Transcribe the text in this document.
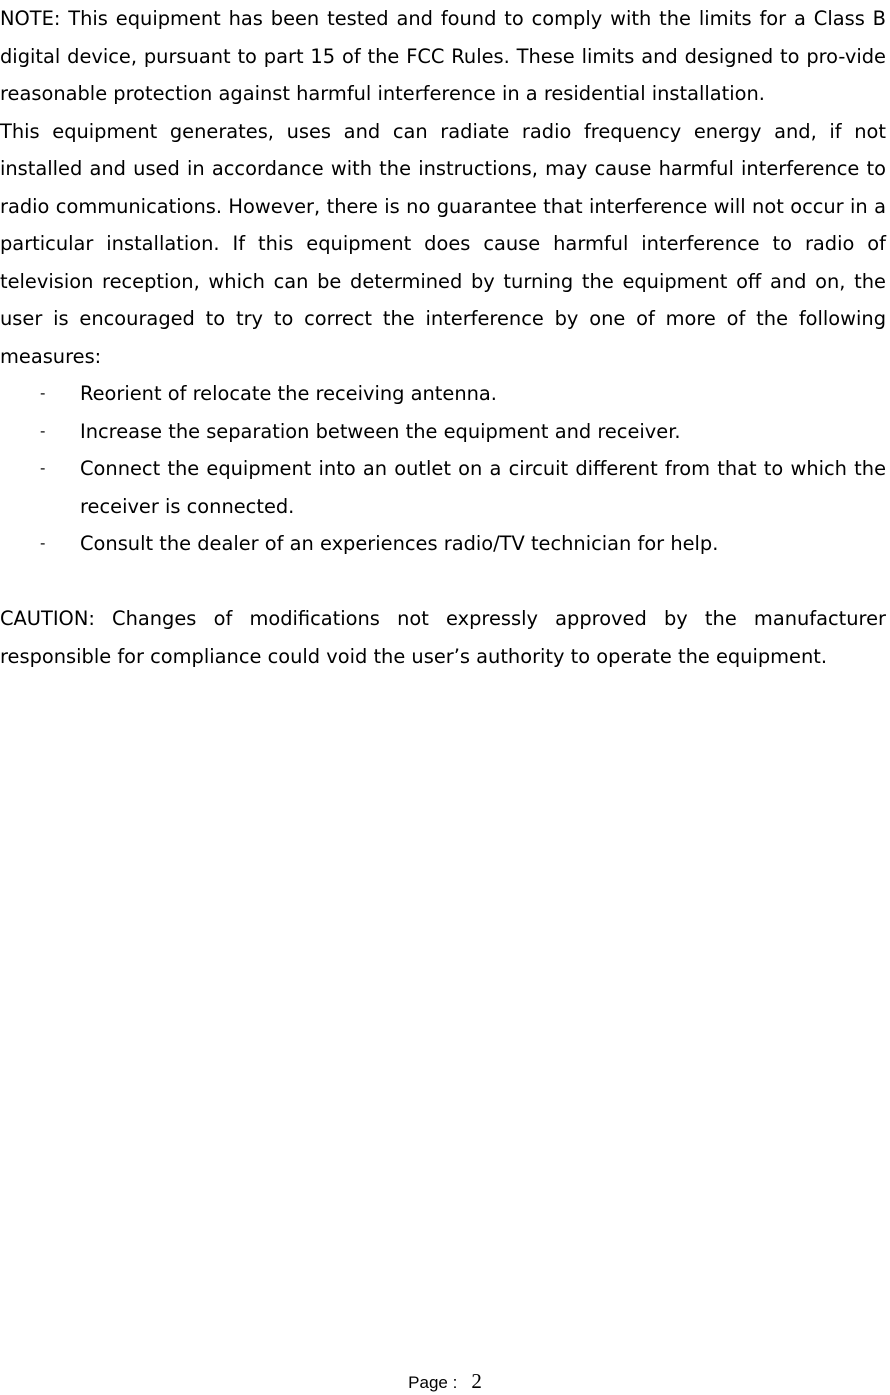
NOTE: This equipment has been tested and found to comply with the limits for a Class B digital device, pursuant to part 15 of the FCC Rules. These limits and designed to pro-vide reasonable protection against harmful interference in a residential installation.

This equipment generates, uses and can radiate radio frequency energy and, if not installed and used in accordance with the instructions, may cause harmful interference to radio communications. However, there is no guarantee that interference will not occur in a particular installation. If this equipment does cause harmful interference to radio of television reception, which can be determined by turning the equipment off and on, the user is encouraged to try to correct the interference by one of more of the following measures:

- Reorient of relocate the receiving antenna.
- Increase the separation between the equipment and receiver.
- Connect the equipment into an outlet on a circuit different from that to which the receiver is connected.
- Consult the dealer of an experiences radio/TV technician for help.

CAUTION: Changes of modifications not expressly approved by the manufacturer responsible for compliance could void the user’s authority to operate the equipment.

Page : 2
